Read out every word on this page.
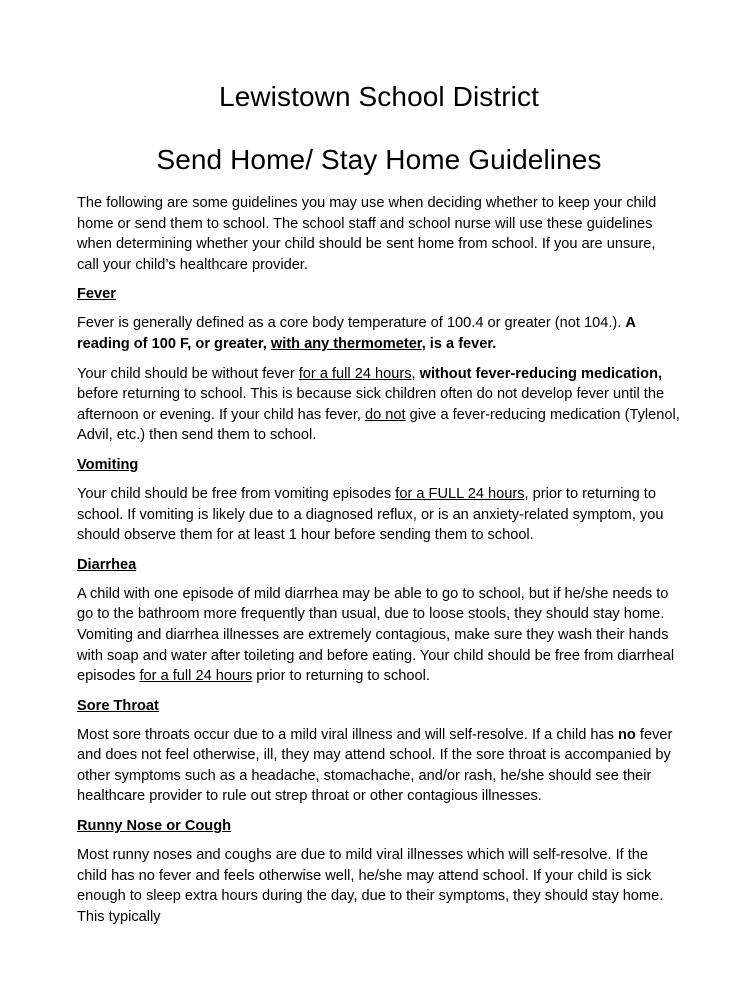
Lewistown School District
Send Home/ Stay Home Guidelines

The following are some guidelines you may use when deciding whether to keep your child home or send them to school. The school staff and school nurse will use these guidelines when determining whether your child should be sent home from school. If you are unsure, call your child’s healthcare provider.

Fever

Fever is generally defined as a core body temperature of 100.4 or greater (not 104.). A reading of 100 F, or greater, with any thermometer, is a fever.

Your child should be without fever for a full 24 hours, without fever-reducing medication, before returning to school. This is because sick children often do not develop fever until the afternoon or evening. If your child has fever, do not give a fever-reducing medication (Tylenol, Advil, etc.) then send them to school.

Vomiting

Your child should be free from vomiting episodes for a FULL 24 hours, prior to returning to school. If vomiting is likely due to a diagnosed reflux, or is an anxiety-related symptom, you should observe them for at least 1 hour before sending them to school.

Diarrhea

A child with one episode of mild diarrhea may be able to go to school, but if he/she needs to go to the bathroom more frequently than usual, due to loose stools, they should stay home. Vomiting and diarrhea illnesses are extremely contagious, make sure they wash their hands with soap and water after toileting and before eating. Your child should be free from diarrheal episodes for a full 24 hours prior to returning to school.

Sore Throat

Most sore throats occur due to a mild viral illness and will self-resolve. If a child has no fever and does not feel otherwise, ill, they may attend school. If the sore throat is accompanied by other symptoms such as a headache, stomachache, and/or rash, he/she should see their healthcare provider to rule out strep throat or other contagious illnesses.

Runny Nose or Cough

Most runny noses and coughs are due to mild viral illnesses which will self-resolve. If the child has no fever and feels otherwise well, he/she may attend school. If your child is sick enough to sleep extra hours during the day, due to their symptoms, they should stay home. This typically
